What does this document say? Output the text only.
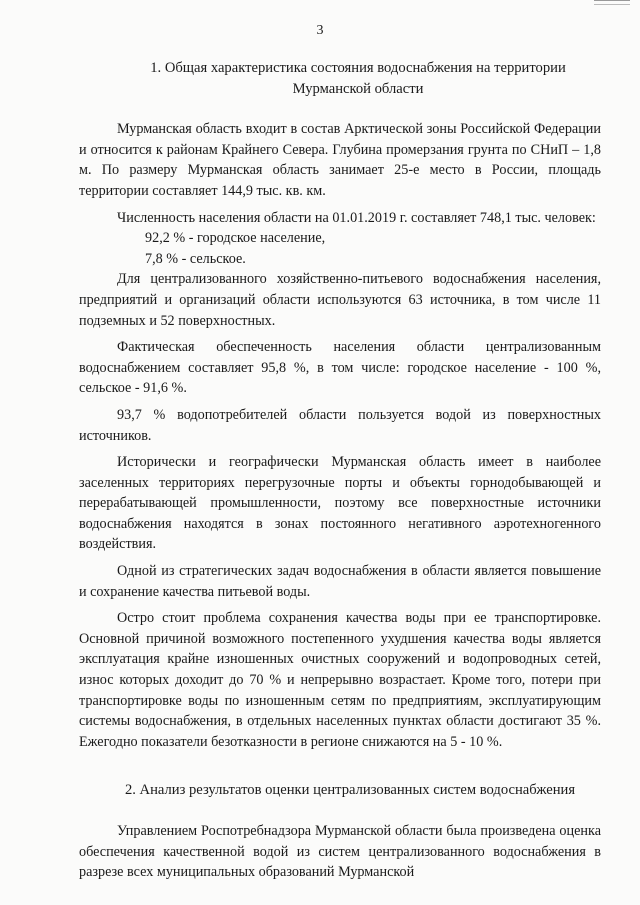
3
1. Общая характеристика состояния водоснабжения на территории Мурманской области

Мурманская область входит в состав Арктической зоны Российской Федерации и относится к районам Крайнего Севера. Глубина промерзания грунта по СНиП – 1,8 м. По размеру Мурманская область занимает 25-е место в России, площадь территории составляет 144,9 тыс. кв. км.

Численность населения области на 01.01.2019 г. составляет 748,1 тыс. человек:

92,2 % - городское население,

7,8 % - сельское.

Для централизованного хозяйственно-питьевого водоснабжения населения, предприятий и организаций области используются 63 источника, в том числе 11 подземных и 52 поверхностных.

Фактическая обеспеченность населения области централизованным водоснабжением составляет 95,8 %, в том числе: городское население - 100 %, сельское - 91,6 %.

93,7 % водопотребителей области пользуется водой из поверхностных источников.

Исторически и географически Мурманская область имеет в наиболее заселенных территориях перегрузочные порты и объекты горнодобывающей и перерабатывающей промышленности, поэтому все поверхностные источники водоснабжения находятся в зонах постоянного негативного аэротехногенного воздействия.

Одной из стратегических задач водоснабжения в области является повышение и сохранение качества питьевой воды.

Остро стоит проблема сохранения качества воды при ее транспортировке. Основной причиной возможного постепенного ухудшения качества воды является эксплуатация крайне изношенных очистных сооружений и водопроводных сетей, износ которых доходит до 70 % и непрерывно возрастает. Кроме того, потери при транспортировке воды по изношенным сетям по предприятиям, эксплуатирующим системы водоснабжения, в отдельных населенных пунктах области достигают 35 %. Ежегодно показатели безотказности в регионе снижаются на 5 - 10 %.

2. Анализ результатов оценки централизованных систем водоснабжения

Управлением Роспотребнадзора Мурманской области была произведена оценка обеспечения качественной водой из систем централизованного водоснабжения в разрезе всех муниципальных образований Мурманской
